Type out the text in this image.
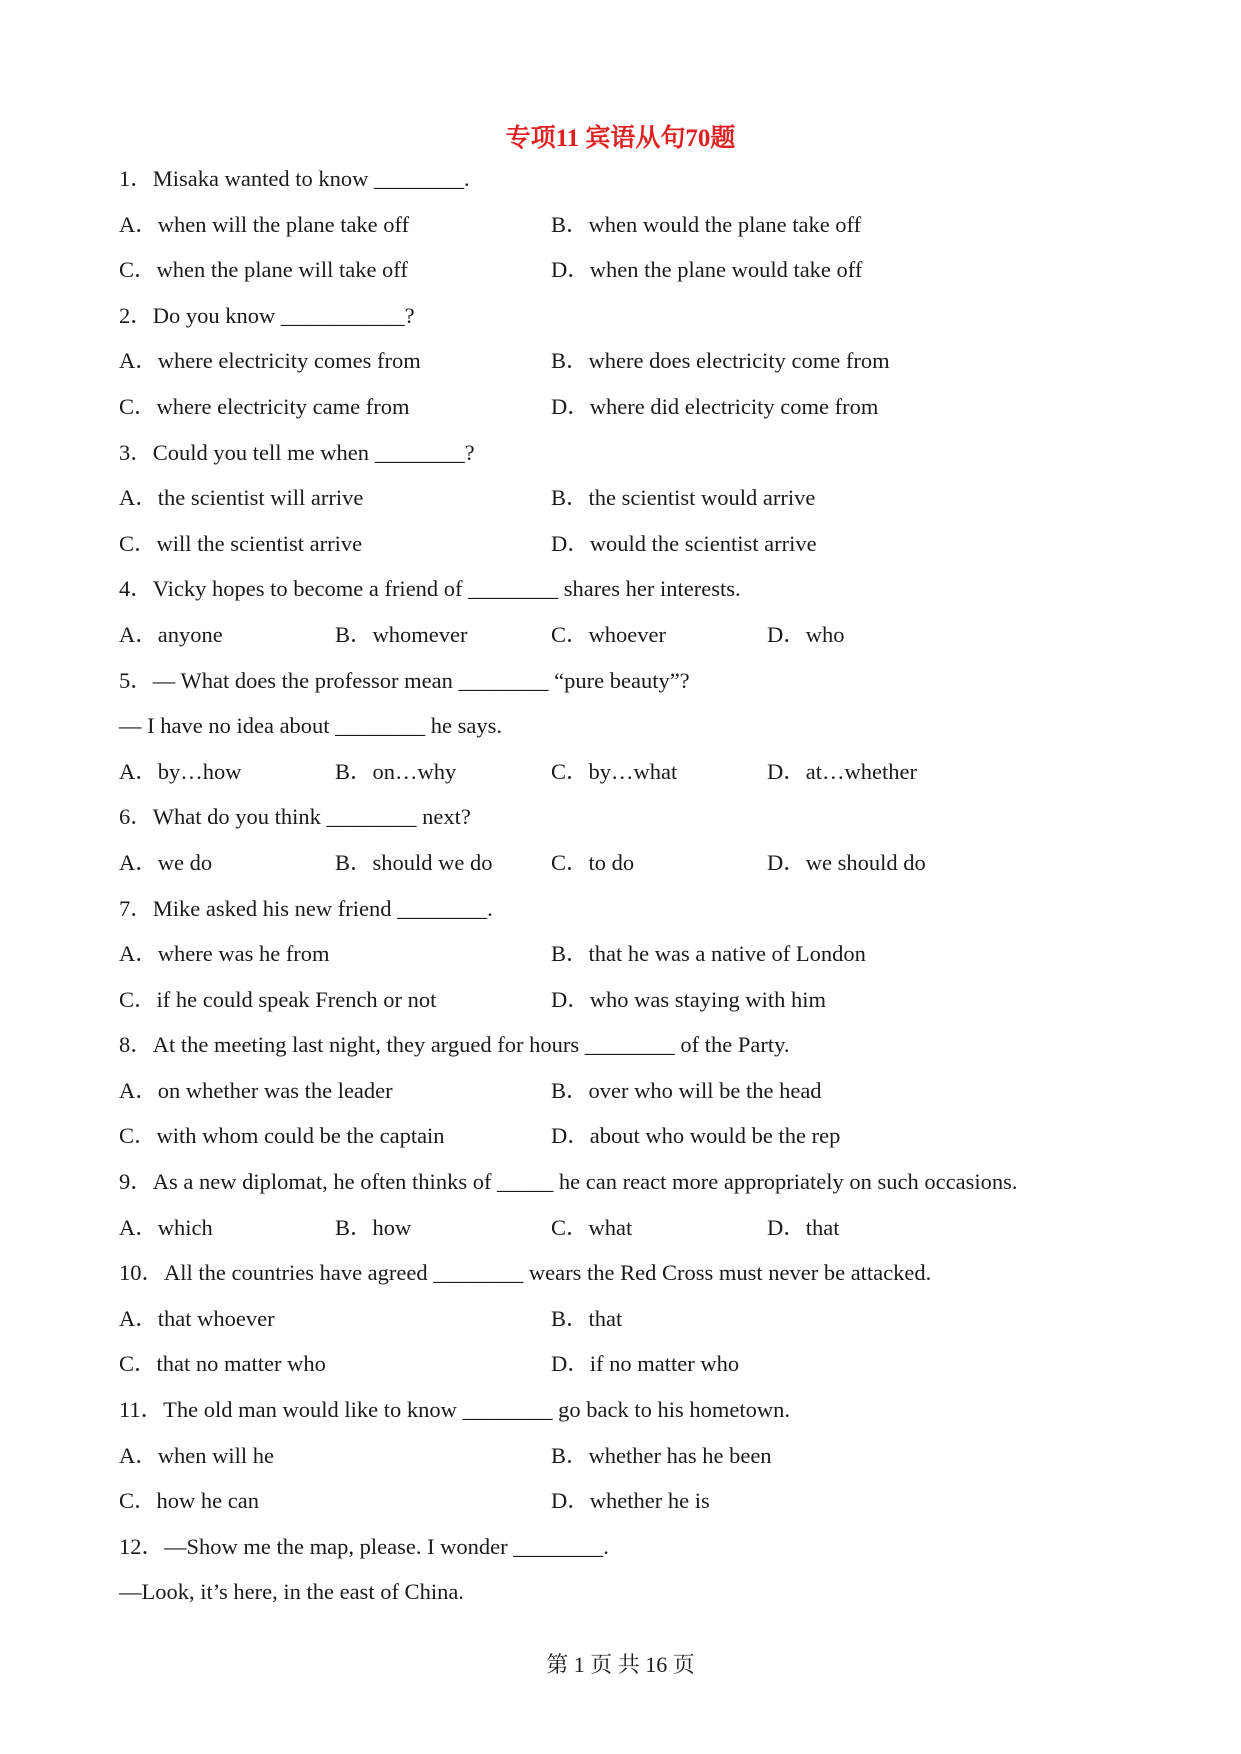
专项11 宾语从句70题
1．Misaka wanted to know ________.
A．when will the plane take off	B．when would the plane take off
C．when the plane will take off	D．when the plane would take off
2．Do you know ___________?
A．where electricity comes from	B．where does electricity come from
C．where electricity came from	D．where did electricity come from
3．Could you tell me when ________?
A．the scientist will arrive	B．the scientist would arrive
C．will the scientist arrive	D．would the scientist arrive
4．Vicky hopes to become a friend of ________ shares her interests.
A．anyone	B．whomever	C．whoever	D．who
5．— What does the professor mean ________ “pure beauty”?
— I have no idea about ________ he says.
A．by…how	B．on…why	C．by…what	D．at…whether
6．What do you think ________ next?
A．we do	B．should we do	C．to do	D．we should do
7．Mike asked his new friend ________.
A．where was he from	B．that he was a native of London
C．if he could speak French or not	D．who was staying with him
8．At the meeting last night, they argued for hours ________ of the Party.
A．on whether was the leader	B．over who will be the head
C．with whom could be the captain	D．about who would be the rep
9．As a new diplomat, he often thinks of _____ he can react more appropriately on such occasions.
A．which	B．how	C．what	D．that
10．All the countries have agreed ________ wears the Red Cross must never be attacked.
A．that whoever	B．that
C．that no matter who	D．if no matter who
11．The old man would like to know ________ go back to his hometown.
A．when will he	B．whether has he been
C．how he can	D．whether he is
12．—Show me the map, please. I wonder ________.
—Look, it’s here, in the east of China.
第 1 页 共 16 页
